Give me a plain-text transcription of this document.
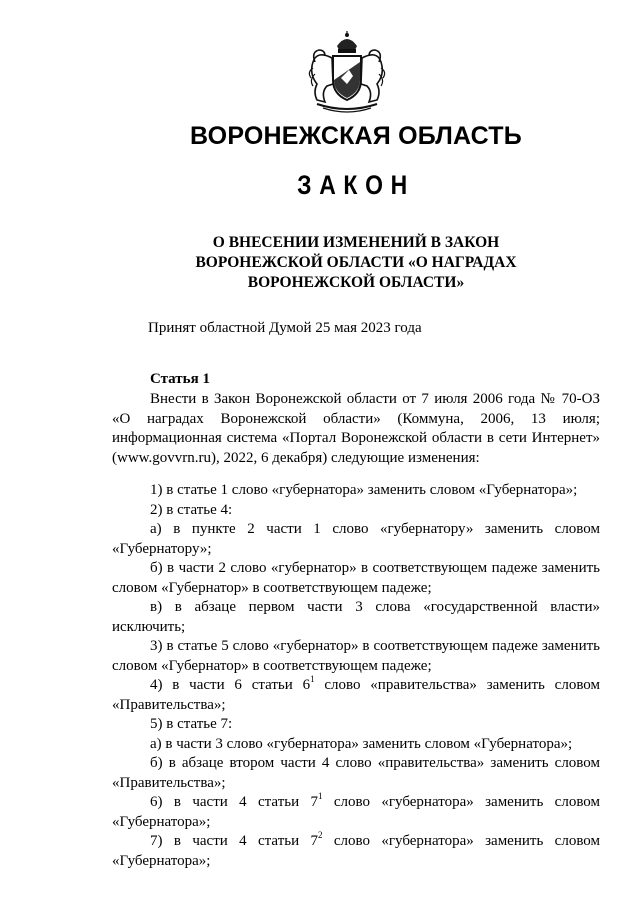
ВОРОНЕЖСКАЯ ОБЛАСТЬ
ЗАКОН
О ВНЕСЕНИИ ИЗМЕНЕНИЙ В ЗАКОН
ВОРОНЕЖСКОЙ ОБЛАСТИ «О НАГРАДАХ
ВОРОНЕЖСКОЙ ОБЛАСТИ»
Принят областной Думой 25 мая 2023 года
Статья 1

Внести в Закон Воронежской области от 7 июля 2006 года № 70-ОЗ «О наградах Воронежской области» (Коммуна, 2006, 13 июля; информационная система «Портал Воронежской области в сети Интернет» (www.govvrn.ru), 2022, 6 декабря) следующие изменения:

1) в статье 1 слово «губернатора» заменить словом «Губернатора»;

2) в статье 4:

а) в пункте 2 части 1 слово «губернатору» заменить словом «Губернатору»;

б) в части 2 слово «губернатор» в соответствующем падеже заменить словом «Губернатор» в соответствующем падеже;

в) в абзаце первом части 3 слова «государственной власти» исключить;

3) в статье 5 слово «губернатор» в соответствующем падеже заменить словом «Губернатор» в соответствующем падеже;

4) в части 6 статьи $6^1$ слово «правительства» заменить словом «Правительства»;

5) в статье 7:

а) в части 3 слово «губернатора» заменить словом «Губернатора»;

б) в абзаце втором части 4 слово «правительства» заменить словом «Правительства»;

6) в части 4 статьи $7^1$ слово «губернатора» заменить словом «Губернатора»;

7) в части 4 статьи $7^2$ слово «губернатора» заменить словом «Губернатора»;
